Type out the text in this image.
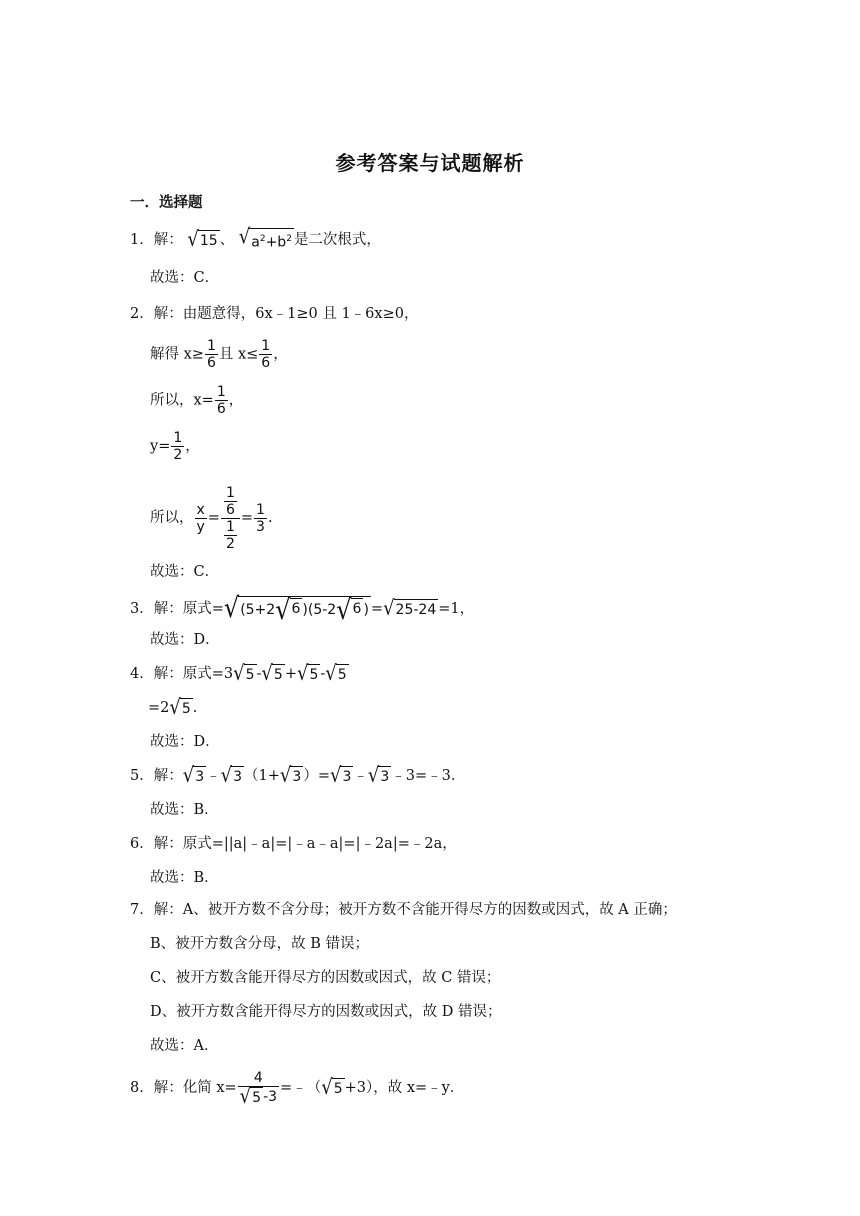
参考答案与试题解析
一．选择题
1．解： √ 15 、 √ $a^2+b^2$ 是二次根式，
故选：C．
2．解：由题意得，6x﹣1≥0 且 1﹣6x≥0，
解得 $x\ge \frac{1}{6}$ 且 $x\le \frac{1}{6}$ ，
所以，$x= \frac{1}{6}$ ，
$y= \frac{1}{2}$ ，
所以， $\frac{x}{y} = \frac{\frac{1}{6}}{\frac{1}{2}} = \frac{1}{3}$ .
故选：C．
3．解：原式= √ (5+2 √ 6 )(5-2 √ 6 ) = √ 25-24 =1，
故选：D．
4．解：原式=3 √ 5 - √ 5 + √ 5 - √ 5
=2 √ 5 .
故选：D．
5．解： √ 3 ﹣ √ 3 （1+ √ 3 ）= √ 3 ﹣ √ 3 ﹣3=﹣3．
故选：B．
6．解：原式=||a|﹣a|=|﹣a﹣a|=|﹣2a|=﹣2a，
故选：B．
7．解：A、被开方数不含分母；被开方数不含能开得尽方的因数或因式，故 A 正确；
B、被开方数含分母，故 B 错误；
C、被开方数含能开得尽方的因数或因式，故 C 错误；
D、被开方数含能开得尽方的因数或因式，故 D 错误；
故选：A．
8．解：化简 $x= \frac{4}{√ 5 -3}$ =﹣（ √ 5 +3），故 x=﹣y．
